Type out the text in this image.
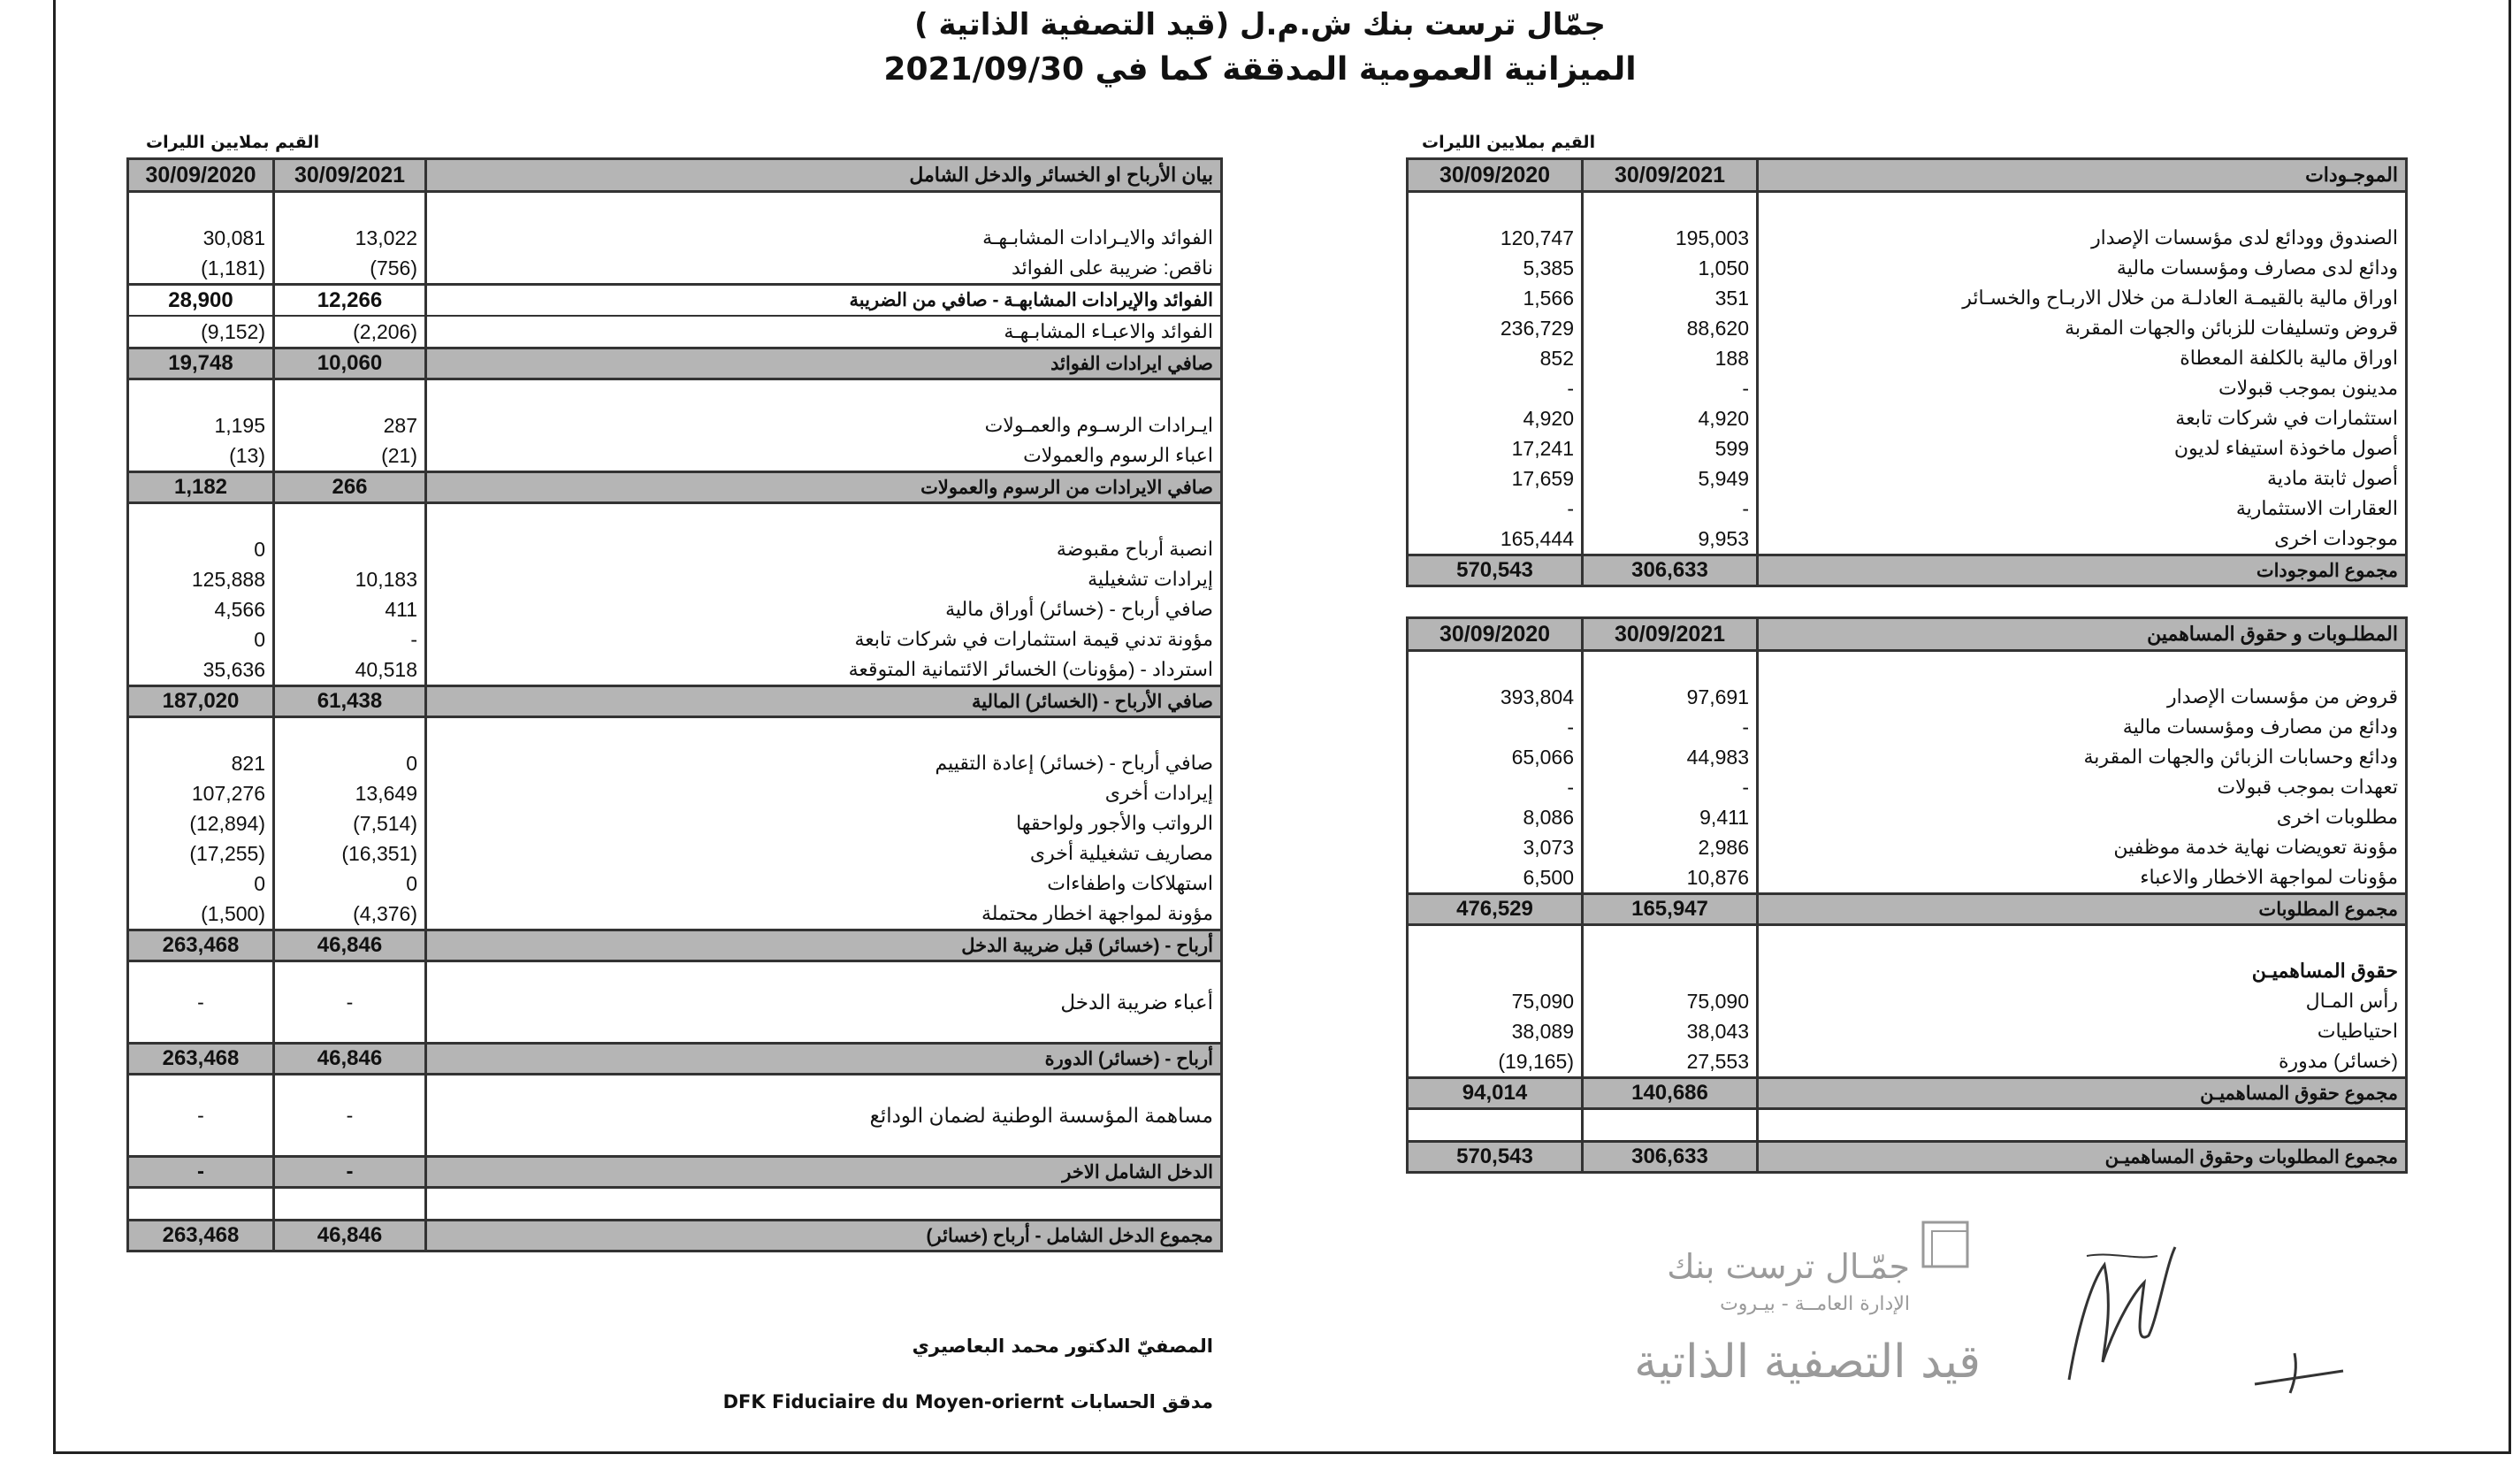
جمّال ترست بنك ش.م.ل (قيد التصفية الذاتية )
الميزانية العمومية المدققة كما في 2021/09/30
القيم بملايين الليرات
30/09/2020	30/09/2021	الموجـودات

120,747	195,003	الصندوق وودائع لدى مؤسسات الإصدار
5,385	1,050	ودائع لدى مصارف ومؤسسات مالية
1,566	351	اوراق مالية بالقيمـة العادلـة من خلال الاربـاح والخسـائر
236,729	88,620	قروض وتسليفات للزبائن والجهات المقربة
852	188	اوراق مالية بالكلفة المعطاة
-	-	مدينون بموجب قبولات
4,920	4,920	استثمارات في شركات تابعة
17,241	599	أصول ماخوذة استيفاء لديون
17,659	5,949	أصول ثابتة مادية
-	-	العقارات الاستثمارية
165,444	9,953	موجودات اخرى
570,543	306,633	مجموع الموجودات
30/09/2020	30/09/2021	المطلـوبات و حقوق المساهمين

393,804	97,691	قروض من مؤسسات الإصدار
-	-	ودائع من مصارف ومؤسسات مالية
65,066	44,983	ودائع وحسابات الزبائن والجهات المقربة
-	-	تعهدات بموجب قبولات
8,086	9,411	مطلوبات اخرى
3,073	2,986	مؤونة تعويضات نهاية خدمة موظفين
6,500	10,876	مؤونات لمواجهة الاخطار والاعباء
476,529	165,947	مجموع المطلوبات

		حقوق المساهميـن
75,090	75,090	رأس المـال
38,089	38,043	احتياطيات
(19,165)	27,553	(خسائر) مدورة
94,014	140,686	مجموع حقوق المساهميـن

570,543	306,633	مجموع المطلوبات وحقوق المساهميـن
القيم بملايين الليرات
30/09/2020	30/09/2021	بيان الأرباح او الخسائر والدخل الشامل

30,081	13,022	الفوائد والايـرادات المشابـهـة
(1,181)	(756)	ناقص: ضريبة على الفوائد
28,900	12,266	الفوائد والإيرادات المشابهـة - صافي من الضريبة
(9,152)	(2,206)	الفوائد والاعبـاء المشابـهـة
19,748	10,060	صافي ايرادات الفوائد

1,195	287	ايـرادات الرسـوم والعمـولات
(13)	(21)	اعباء الرسوم والعمولات
1,182	266	صافي الايرادات من الرسوم والعمولات

0		انصبة أرباح مقبوضة
125,888	10,183	إيرادات تشغيلية
4,566	411	صافي أرباح - (خسائر) أوراق مالية
0	-	مؤونة تدني قيمة استثمارات في شركات تابعة
35,636	40,518	استرداد - (مؤونات) الخسائر الائتمانية المتوقعة
187,020	61,438	صافي الأرباح - (الخسائر) المالية

821	0	صافي أرباح - (خسائر) إعادة التقييم
107,276	13,649	إيرادات أخرى
(12,894)	(7,514)	الرواتب والأجور ولواحقها
(17,255)	(16,351)	مصاريف تشغيلية أخرى
0	0	استهلاكات واطفاءات
(1,500)	(4,376)	مؤونة لمواجهة اخطار محتملة
263,468	46,846	أرباح - (خسائر) قبل ضريبة الدخل
-	-	أعباء ضريبة الدخل
263,468	46,846	أرباح - (خسائر) الدورة
-	-	مساهمة المؤسسة الوطنية لضمان الودائع
-	-	الدخل الشامل الاخر

263,468	46,846	مجموع الدخل الشامل - أرباح (خسائر)
المصفيّ الدكتور محمد البعاصيري
مدقق الحسابات DFK Fiduciaire du Moyen-oriernt
جمّـال ترست بنك
الإدارة العامــة - بيـروت
قيد التصفية الذاتية
